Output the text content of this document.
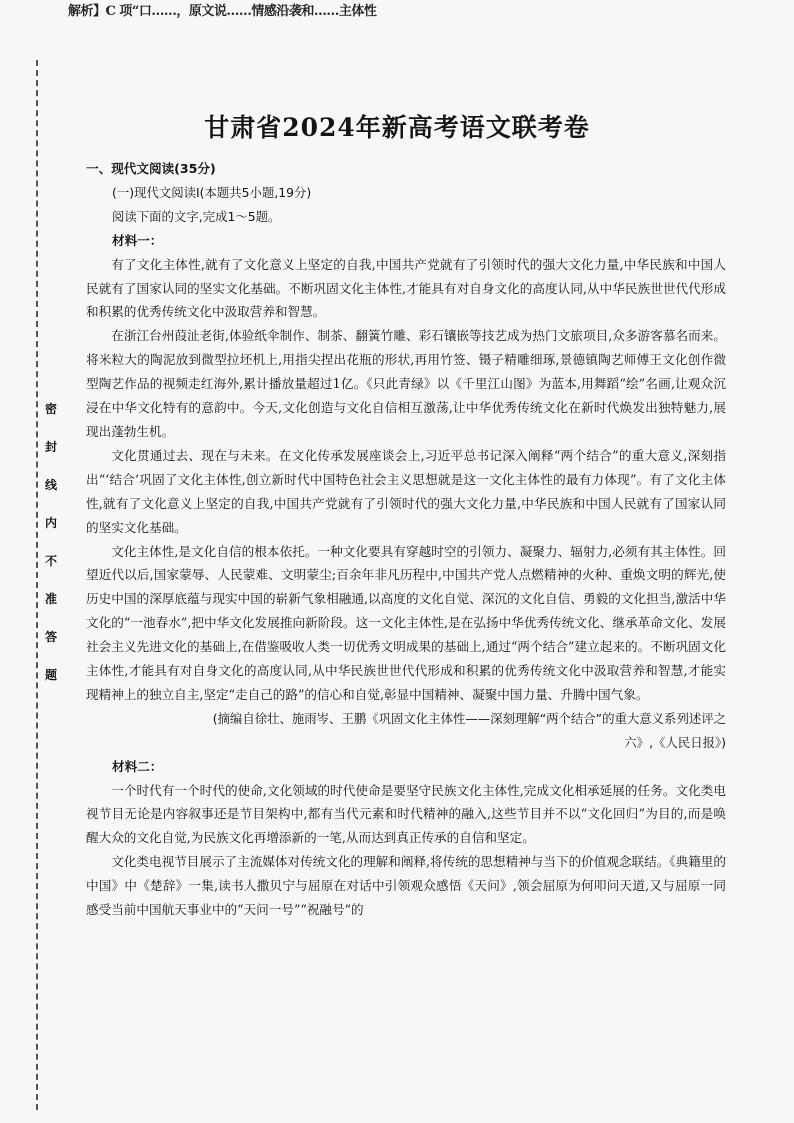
解析】C 项“口……，原文说……情感沿袭和……主体性
密
封
线
内
不
准
答
题
甘肃省2024年新高考语文联考卷

一、现代文阅读(35分)

(一)现代文阅读Ⅰ(本题共5小题,19分)

阅读下面的文字,完成1～5题。

材料一：

有了文化主体性,就有了文化意义上坚定的自我,中国共产党就有了引领时代的强大文化力量,中华民族和中国人民就有了国家认同的坚实文化基础。不断巩固文化主体性,才能具有对自身文化的高度认同,从中华民族世世代代形成和积累的优秀传统文化中汲取营养和智慧。

在浙江台州葭沚老街,体验纸伞制作、制茶、翻簧竹雕、彩石镶嵌等技艺成为热门文旅项目,众多游客慕名而来。将米粒大的陶泥放到微型拉坯机上,用指尖捏出花瓶的形状,再用竹签、镊子精雕细琢,景德镇陶艺师傅王文化创作微型陶艺作品的视频走红海外,累计播放量超过1亿。《只此青绿》以《千里江山图》为蓝本,用舞蹈“绘”名画,让观众沉浸在中华文化特有的意韵中。今天,文化创造与文化自信相互激荡,让中华优秀传统文化在新时代焕发出独特魅力,展现出蓬勃生机。

文化贯通过去、现在与未来。在文化传承发展座谈会上,习近平总书记深入阐释“两个结合”的重大意义,深刻指出“‘结合’巩固了文化主体性,创立新时代中国特色社会主义思想就是这一文化主体性的最有力体现”。有了文化主体性,就有了文化意义上坚定的自我,中国共产党就有了引领时代的强大文化力量,中华民族和中国人民就有了国家认同的坚实文化基础。

文化主体性,是文化自信的根本依托。一种文化要具有穿越时空的引领力、凝聚力、辐射力,必须有其主体性。回望近代以后,国家蒙辱、人民蒙难、文明蒙尘;百余年非凡历程中,中国共产党人点燃精神的火种、重焕文明的辉光,使历史中国的深厚底蕴与现实中国的崭新气象相融通,以高度的文化自觉、深沉的文化自信、勇毅的文化担当,激活中华文化的“一池春水”,把中华文化发展推向新阶段。这一文化主体性,是在弘扬中华优秀传统文化、继承革命文化、发展社会主义先进文化的基础上,在借鉴吸收人类一切优秀文明成果的基础上,通过“两个结合”建立起来的。不断巩固文化主体性,才能具有对自身文化的高度认同,从中华民族世世代代形成和积累的优秀传统文化中汲取营养和智慧,才能实现精神上的独立自主,坚定“走自己的路”的信心和自觉,彰显中国精神、凝聚中国力量、升腾中国气象。

(摘编自徐壮、施雨岑、王鹏《巩固文化主体性——深刻理解“两个结合”的重大意义系列述评之六》,《人民日报》)

材料二：

一个时代有一个时代的使命,文化领域的时代使命是要坚守民族文化主体性,完成文化相承延展的任务。文化类电视节目无论是内容叙事还是节目架构中,都有当代元素和时代精神的融入,这些节目并不以“文化回归”为目的,而是唤醒大众的文化自觉,为民族文化再增添新的一笔,从而达到真正传承的自信和坚定。

文化类电视节目展示了主流媒体对传统文化的理解和阐释,将传统的思想精神与当下的价值观念联结。《典籍里的中国》中《楚辞》一集,读书人撒贝宁与屈原在对话中引领观众感悟《天问》,领会屈原为何叩问天道,又与屈原一同感受当前中国航天事业中的“天问一号”“祝融号”的
